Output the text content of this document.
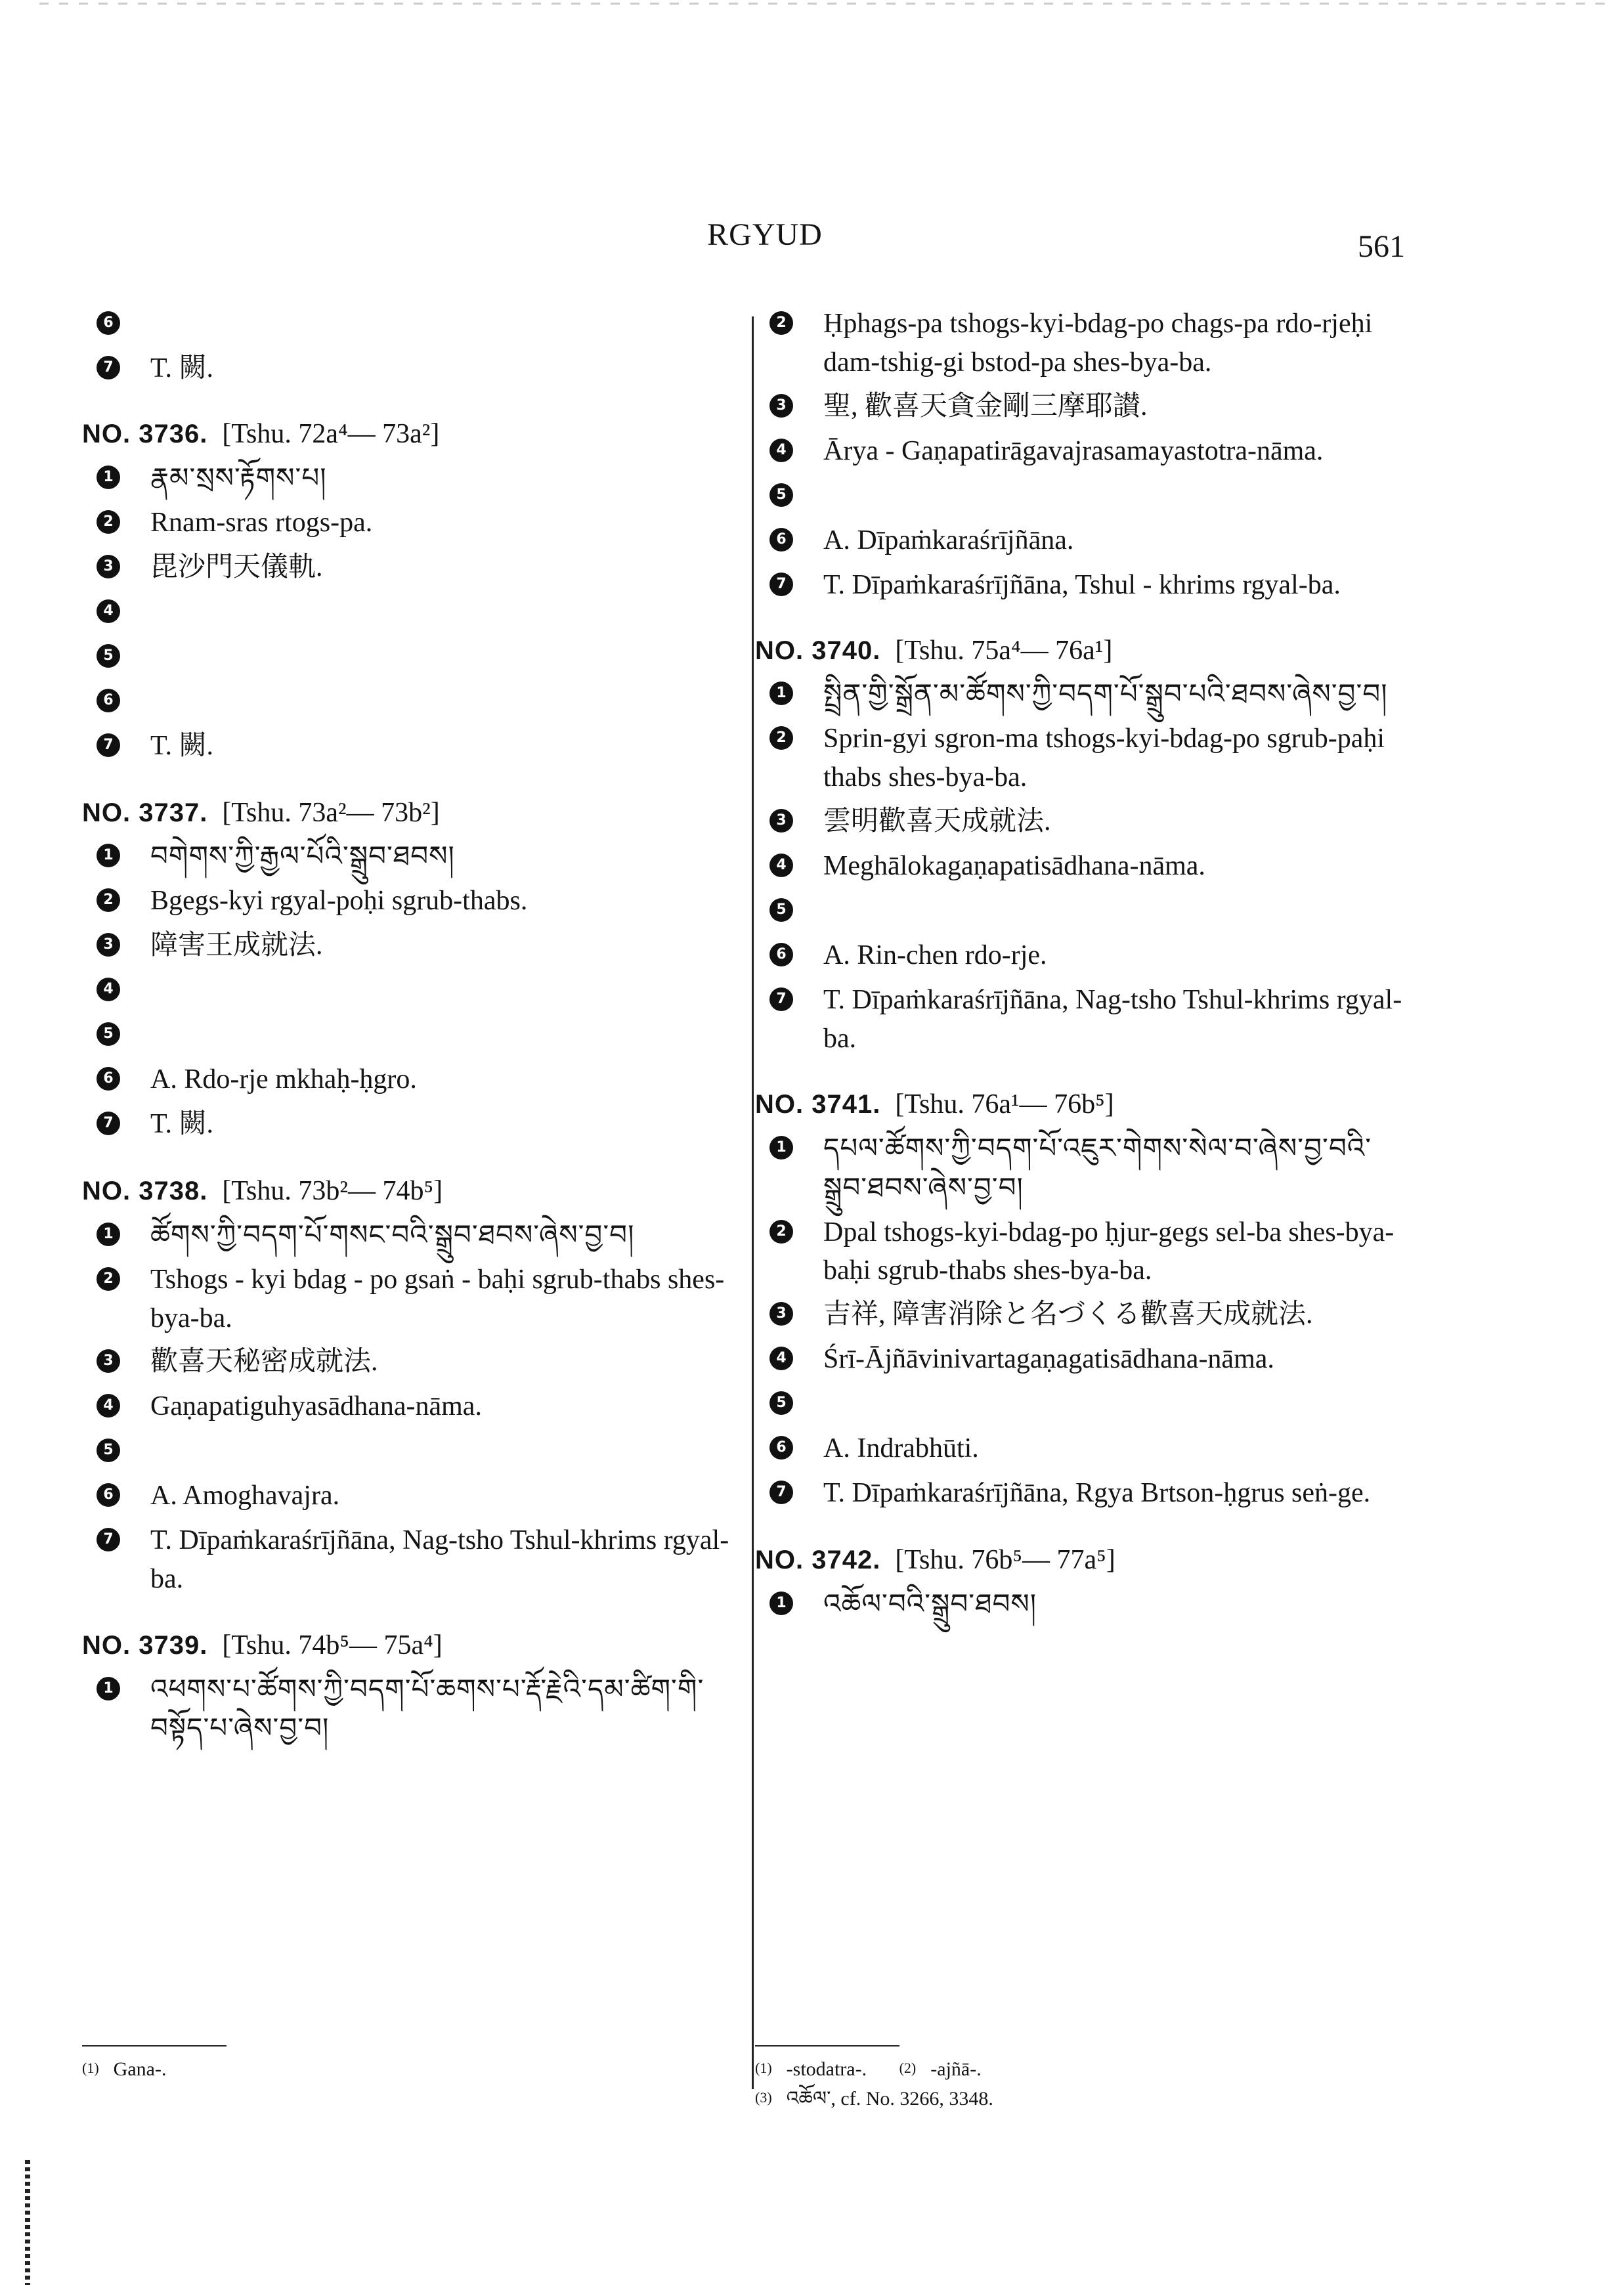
RGYUD	561
6
7 T. 闕.
NO. 3736. [Tshu. 72a⁴— 73a²]
1 རྣམ་སྲས་རྟོགས་པ།
2 Rnam-sras rtogs-pa.
3 毘沙門天儀軌.
4
5
6
7 T. 闕.
NO. 3737. [Tshu. 73a²— 73b²]
1 བགེགས་ཀྱི་རྒྱལ་པོའི་སྒྲུབ་ཐབས།
2 Bgegs-kyi rgyal-poḥi sgrub-thabs.
3 障害王成就法.
4
5
6 A. Rdo-rje mkhaḥ-ḥgro.
7 T. 闕.
NO. 3738. [Tshu. 73b²— 74b⁵]
1 ཚོགས་ཀྱི་བདག་པོ་གསང་བའི་སྒྲུབ་ཐབས་ཞེས་བྱ་བ།
2 Tshogs - kyi bdag - po gsaṅ - baḥi sgrub-thabs shes-bya-ba.
3 歡喜天秘密成就法.
4 Gaṇapatiguhyasādhana-nāma.
5
6 A. Amoghavajra.
7 T. Dīpaṁkaraśrījñāna, Nag-tsho Tshul-khrims rgyal-ba.
NO. 3739. [Tshu. 74b⁵— 75a⁴]
1 འཕགས་པ་ཚོགས་ཀྱི་བདག་པོ་ཆགས་པ་རྡོ་རྗེའི་དམ་ཚིག་གི་བསྟོད་པ་ཞེས་བྱ་བ།
2 Ḥphags-pa tshogs-kyi-bdag-po chags-pa rdo-rjeḥi dam-tshig-gi bstod-pa shes-bya-ba.
3 聖, 歡喜天貪金剛三摩耶讃.
4 Ārya - Gaṇapatirāgavajrasamayastotra-nāma.
5
6 A. Dīpaṁkaraśrījñāna.
7 T. Dīpaṁkaraśrījñāna, Tshul - khrims rgyal-ba.
NO. 3740. [Tshu. 75a⁴— 76a¹]
1 སྤྲིན་གྱི་སྒྲོན་མ་ཚོགས་ཀྱི་བདག་པོ་སྒྲུབ་པའི་ཐབས་ཞེས་བྱ་བ།
2 Sprin-gyi sgron-ma tshogs-kyi-bdag-po sgrub-paḥi thabs shes-bya-ba.
3 雲明歡喜天成就法.
4 Meghālokagaṇapatisādhana-nāma.
5
6 A. Rin-chen rdo-rje.
7 T. Dīpaṁkaraśrījñāna, Nag-tsho Tshul-khrims rgyal-ba.
NO. 3741. [Tshu. 76a¹— 76b⁵]
1 དཔལ་ཚོགས་ཀྱི་བདག་པོ་འཇུར་གེགས་སེལ་བ་ཞེས་བྱ་བའི་སྒྲུབ་ཐབས་ཞེས་བྱ་བ།
2 Dpal tshogs-kyi-bdag-po ḥjur-gegs sel-ba shes-bya-baḥi sgrub-thabs shes-bya-ba.
3 吉祥, 障害消除と名づくる歡喜天成就法.
4 Śrī-Ājñāvinivartagaṇagatisādhana-nāma.
5
6 A. Indrabhūti.
7 T. Dīpaṁkaraśrījñāna, Rgya Brtson-ḥgrus seṅ-ge.
NO. 3742. [Tshu. 76b⁵— 77a⁵]
1 འཆོལ་བའི་སྒྲུབ་ཐབས།
(1) Gana-.	(1) -stodatra-. (2) -ajñā-.
(3) འཆོལ་, cf. No. 3266, 3348.
